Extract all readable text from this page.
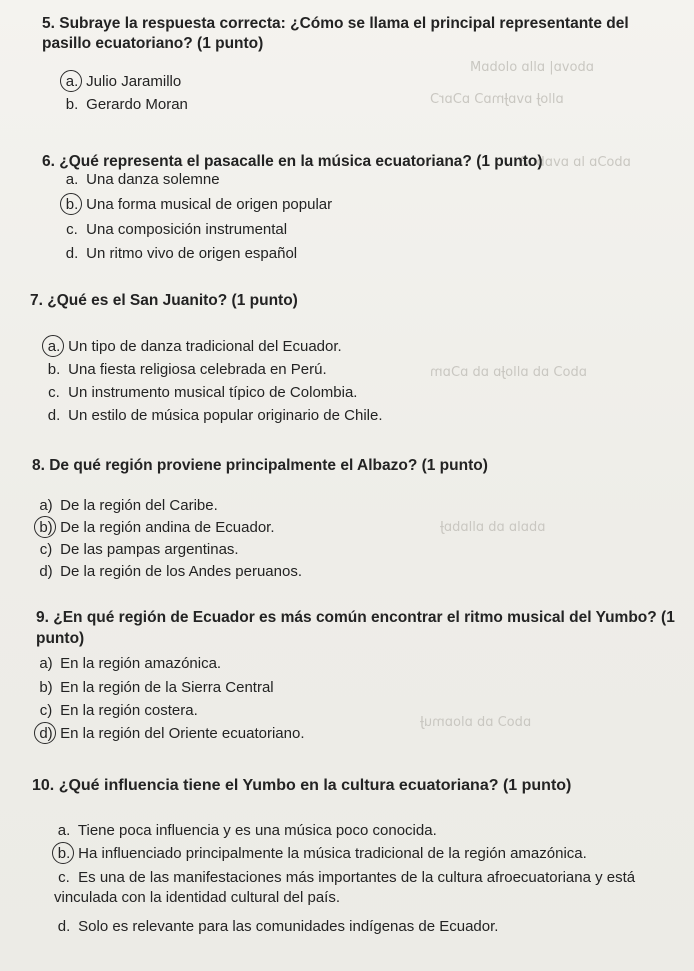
ɒbovɒ| ɒllɒ olobɒM
ɒlloɈ ɒvɒɈmɒƆ ɒƆɒrƆ
ɒboƆɒ lɒ ɒvɒbuƧ
ɒboƆ ɒb ɒlloɈɒ ɒb ɒƆɒm
ɒbɒlɒ ɒb ɒllɒbɒɈ
ɒboƆ ɒb ɒloɒmuɈ
5. Subraye la respuesta correcta: ¿Cómo se llama el principal representante del pasillo ecuatoriano? (1 punto)
a. Julio Jaramillo
b. Gerardo Moran
6. ¿Qué representa el pasacalle en la música ecuatoriana? (1 punto)
a. Una danza solemne
b. Una forma musical de origen popular
c. Una composición instrumental
d. Un ritmo vivo de origen español
7. ¿Qué es el San Juanito? (1 punto)
a. Un tipo de danza tradicional del Ecuador.
b. Una fiesta religiosa celebrada en Perú.
c. Un instrumento musical típico de Colombia.
d. Un estilo de música popular originario de Chile.
8. De qué región proviene principalmente el Albazo? (1 punto)
a) De la región del Caribe.
b) De la región andina de Ecuador.
c) De las pampas argentinas.
d) De la región de los Andes peruanos.
9. ¿En qué región de Ecuador es más común encontrar el ritmo musical del Yumbo? (1 punto)
a) En la región amazónica.
b) En la región de la Sierra Central
c) En la región costera.
d) En la región del Oriente ecuatoriano.
10. ¿Qué influencia tiene el Yumbo en la cultura ecuatoriana? (1 punto)
a. Tiene poca influencia y es una música poco conocida.
b. Ha influenciado principalmente la música tradicional de la región amazónica.
c. Es una de las manifestaciones más importantes de la cultura afroecuatoriana y está vinculada con la identidad cultural del país.
d. Solo es relevante para las comunidades indígenas de Ecuador.
